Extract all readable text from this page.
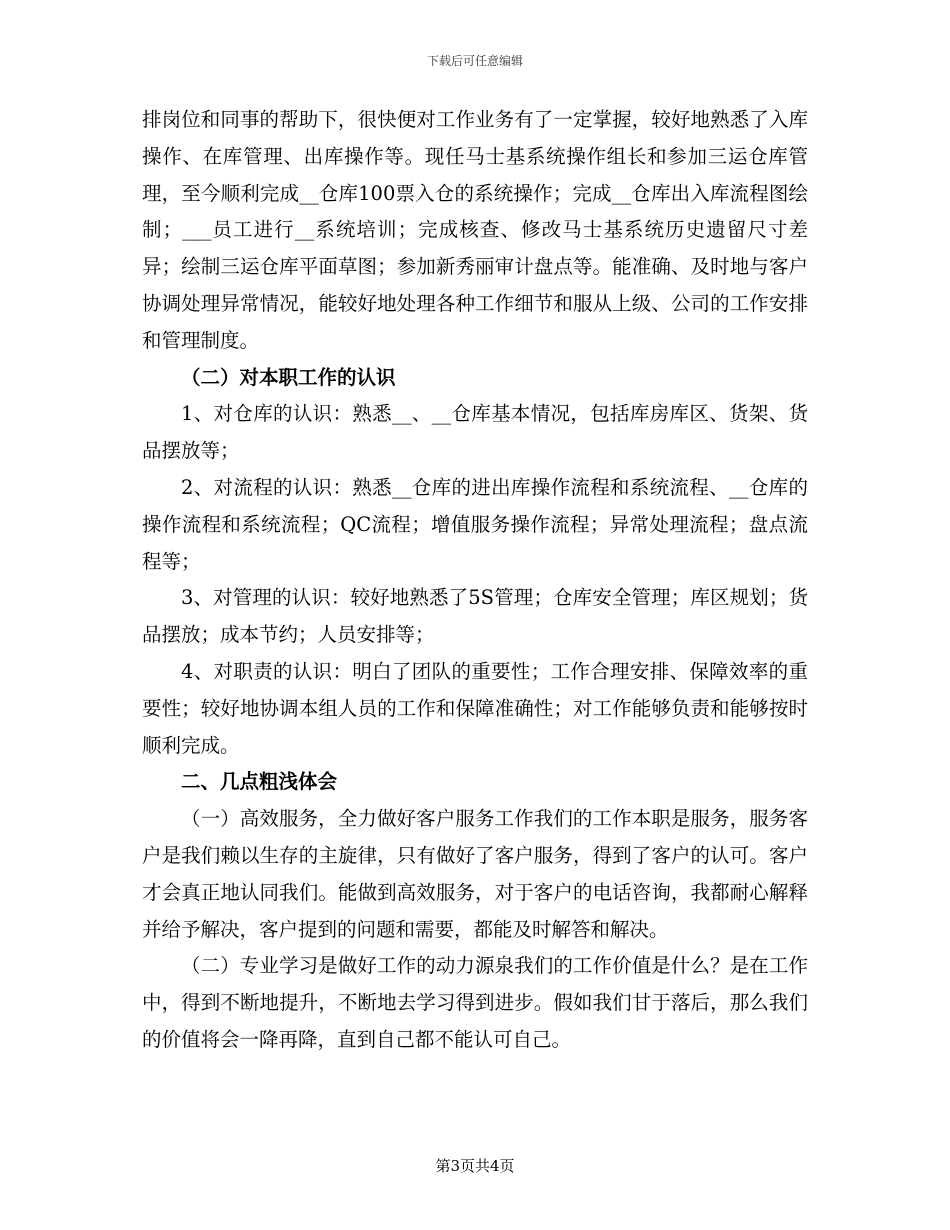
下载后可任意编辑

排岗位和同事的帮助下，很快便对工作业务有了一定掌握，较好地熟悉了入库操作、在库管理、出库操作等。现任马士基系统操作组长和参加三运仓库管理，至今顺利完成__仓库100票入仓的系统操作；完成__仓库出入库流程图绘制；___员工进行__系统培训；完成核查、修改马士基系统历史遗留尺寸差异；绘制三运仓库平面草图；参加新秀丽审计盘点等。能准确、及时地与客户协调处理异常情况，能较好地处理各种工作细节和服从上级、公司的工作安排和管理制度。

（二）对本职工作的认识

1、对仓库的认识：熟悉__、__仓库基本情况，包括库房库区、货架、货品摆放等；

2、对流程的认识：熟悉__仓库的进出库操作流程和系统流程、__仓库的操作流程和系统流程；QC流程；增值服务操作流程；异常处理流程；盘点流程等；

3、对管理的认识：较好地熟悉了5S管理；仓库安全管理；库区规划；货品摆放；成本节约；人员安排等；

4、对职责的认识：明白了团队的重要性；工作合理安排、保障效率的重要性；较好地协调本组人员的工作和保障准确性；对工作能够负责和能够按时顺利完成。

二、几点粗浅体会

（一）高效服务，全力做好客户服务工作我们的工作本职是服务，服务客户是我们赖以生存的主旋律，只有做好了客户服务，得到了客户的认可。客户才会真正地认同我们。能做到高效服务，对于客户的电话咨询，我都耐心解释并给予解决，客户提到的问题和需要，都能及时解答和解决。

（二）专业学习是做好工作的动力源泉我们的工作价值是什么？是在工作中，得到不断地提升，不断地去学习得到进步。假如我们甘于落后，那么我们的价值将会一降再降，直到自己都不能认可自己。

第3页共4页
